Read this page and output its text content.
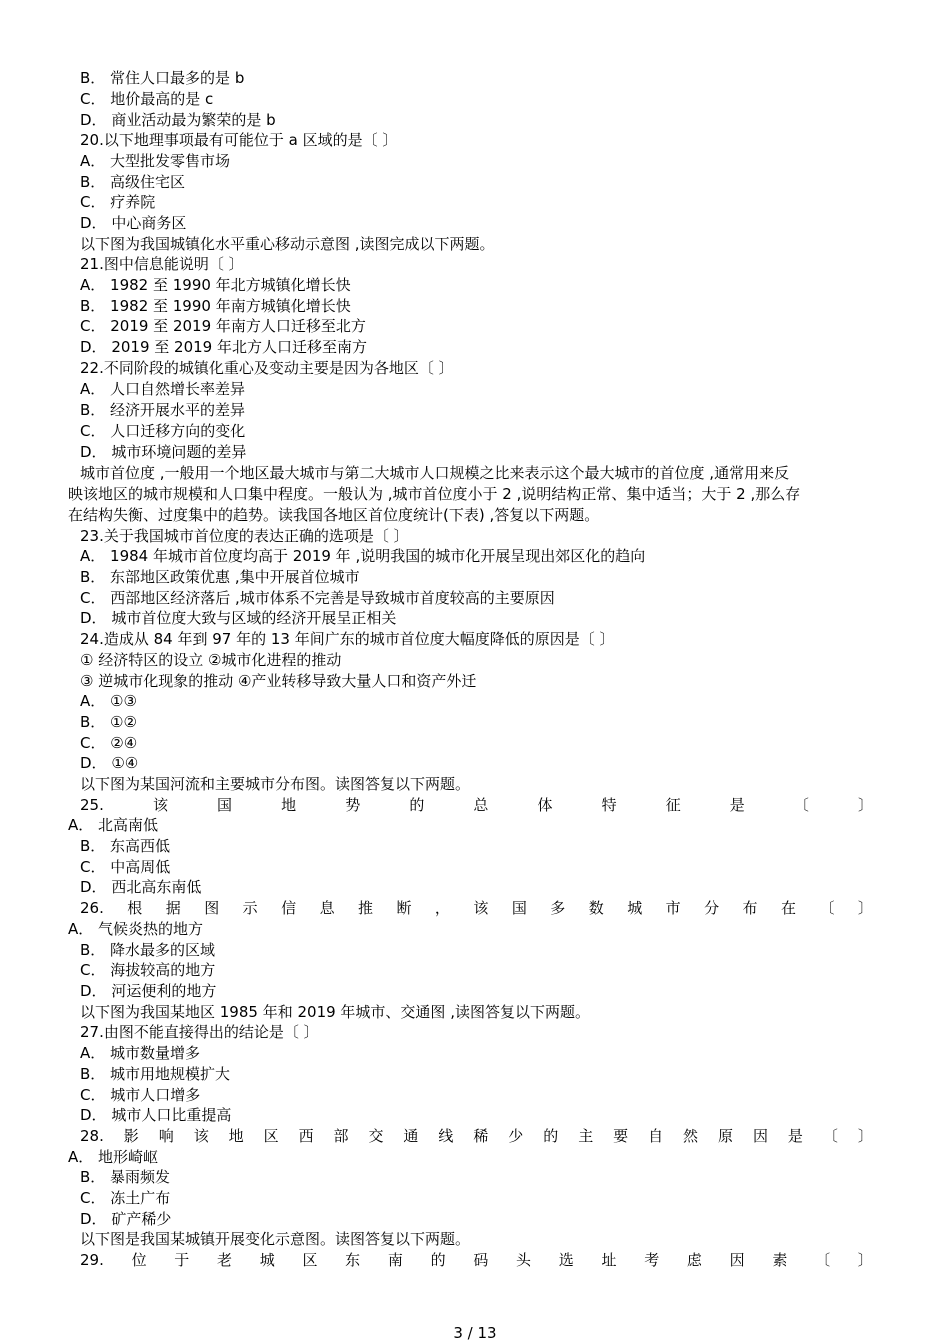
B． 常住人口最多的是 b
C． 地价最高的是 c
D． 商业活动最为繁荣的是 b
20.以下地理事项最有可能位于 a 区域的是〔 〕
A． 大型批发零售市场
B． 高级住宅区
C． 疗养院
D． 中心商务区
以下图为我国城镇化水平重心移动示意图 ,读图完成以下两题。
21.图中信息能说明〔 〕
A． 1982 至 1990 年北方城镇化增长快
B． 1982 至 1990 年南方城镇化增长快
C． 2019 至 2019 年南方人口迁移至北方
D． 2019 至 2019 年北方人口迁移至南方
22.不同阶段的城镇化重心及变动主要是因为各地区〔 〕
A． 人口自然增长率差异
B． 经济开展水平的差异
C． 人口迁移方向的变化
D． 城市环境问题的差异
城市首位度 ,一般用一个地区最大城市与第二大城市人口规模之比来表示这个最大城市的首位度 ,通常用来反
映该地区的城市规模和人口集中程度。一般认为 ,城市首位度小于 2 ,说明结构正常、集中适当；大于 2 ,那么存
在结构失衡、过度集中的趋势。读我国各地区首位度统计(下表) ,答复以下两题。
23.关于我国城市首位度的表达正确的选项是〔 〕
A． 1984 年城市首位度均高于 2019 年 ,说明我国的城市化开展呈现出郊区化的趋向
B． 东部地区政策优惠 ,集中开展首位城市
C． 西部地区经济落后 ,城市体系不完善是导致城市首度较高的主要原因
D． 城市首位度大致与区域的经济开展呈正相关
24.造成从 84 年到 97 年的 13 年间广东的城市首位度大幅度降低的原因是〔 〕
① 经济特区的设立 ②城市化进程的推动
③ 逆城市化现象的推动 ④产业转移导致大量人口和资产外迁
A． ①③
B． ①②
C． ②④
D． ①④
以下图为某国河流和主要城市分布图。读图答复以下两题。
25.	该	国	地	势	的	总	体	特	征	是	〔	〕
A． 北高南低
B． 东高西低
C． 中高周低
D． 西北高东南低
26. 根 据 图 示 信 息 推 断 ， 该 国 多 数 城 市 分 布 在 〔 〕
A． 气候炎热的地方
B． 降水最多的区域
C． 海拔较高的地方
D． 河运便利的地方
以下图为我国某地区 1985 年和 2019 年城市、交通图 ,读图答复以下两题。
27.由图不能直接得出的结论是〔 〕
A． 城市数量增多
B． 城市用地规模扩大
C． 城市人口增多
D． 城市人口比重提高
28. 影 响 该 地 区 西 部 交 通 线 稀 少 的 主 要 自 然 原 因 是 〔 〕
A． 地形崎岖
B． 暴雨频发
C． 冻土广布
D． 矿产稀少
以下图是我国某城镇开展变化示意图。读图答复以下两题。
29. 位 于 老 城 区 东 南 的 码 头 选 址 考 虑 因 素 〔 〕
3 / 13
